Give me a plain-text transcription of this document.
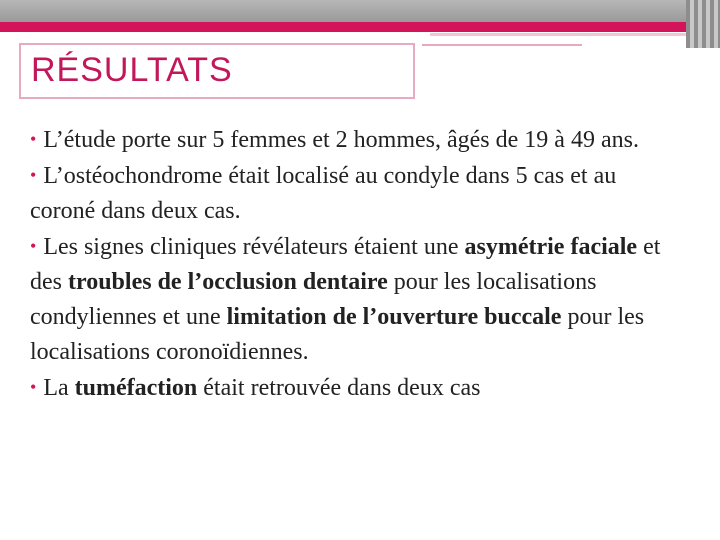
RÉSULTATS

• L’étude porte sur 5 femmes et 2 hommes, âgés de 19 à 49 ans.

• L’ostéochondrome était localisé au condyle dans 5 cas et au coroné dans deux cas.

• Les signes cliniques révélateurs étaient une asymétrie faciale et des troubles de l’occlusion dentaire pour les localisations condyliennes et une limitation de l’ouverture buccale pour les localisations coronoïdiennes.

• La tuméfaction était retrouvée dans deux cas
